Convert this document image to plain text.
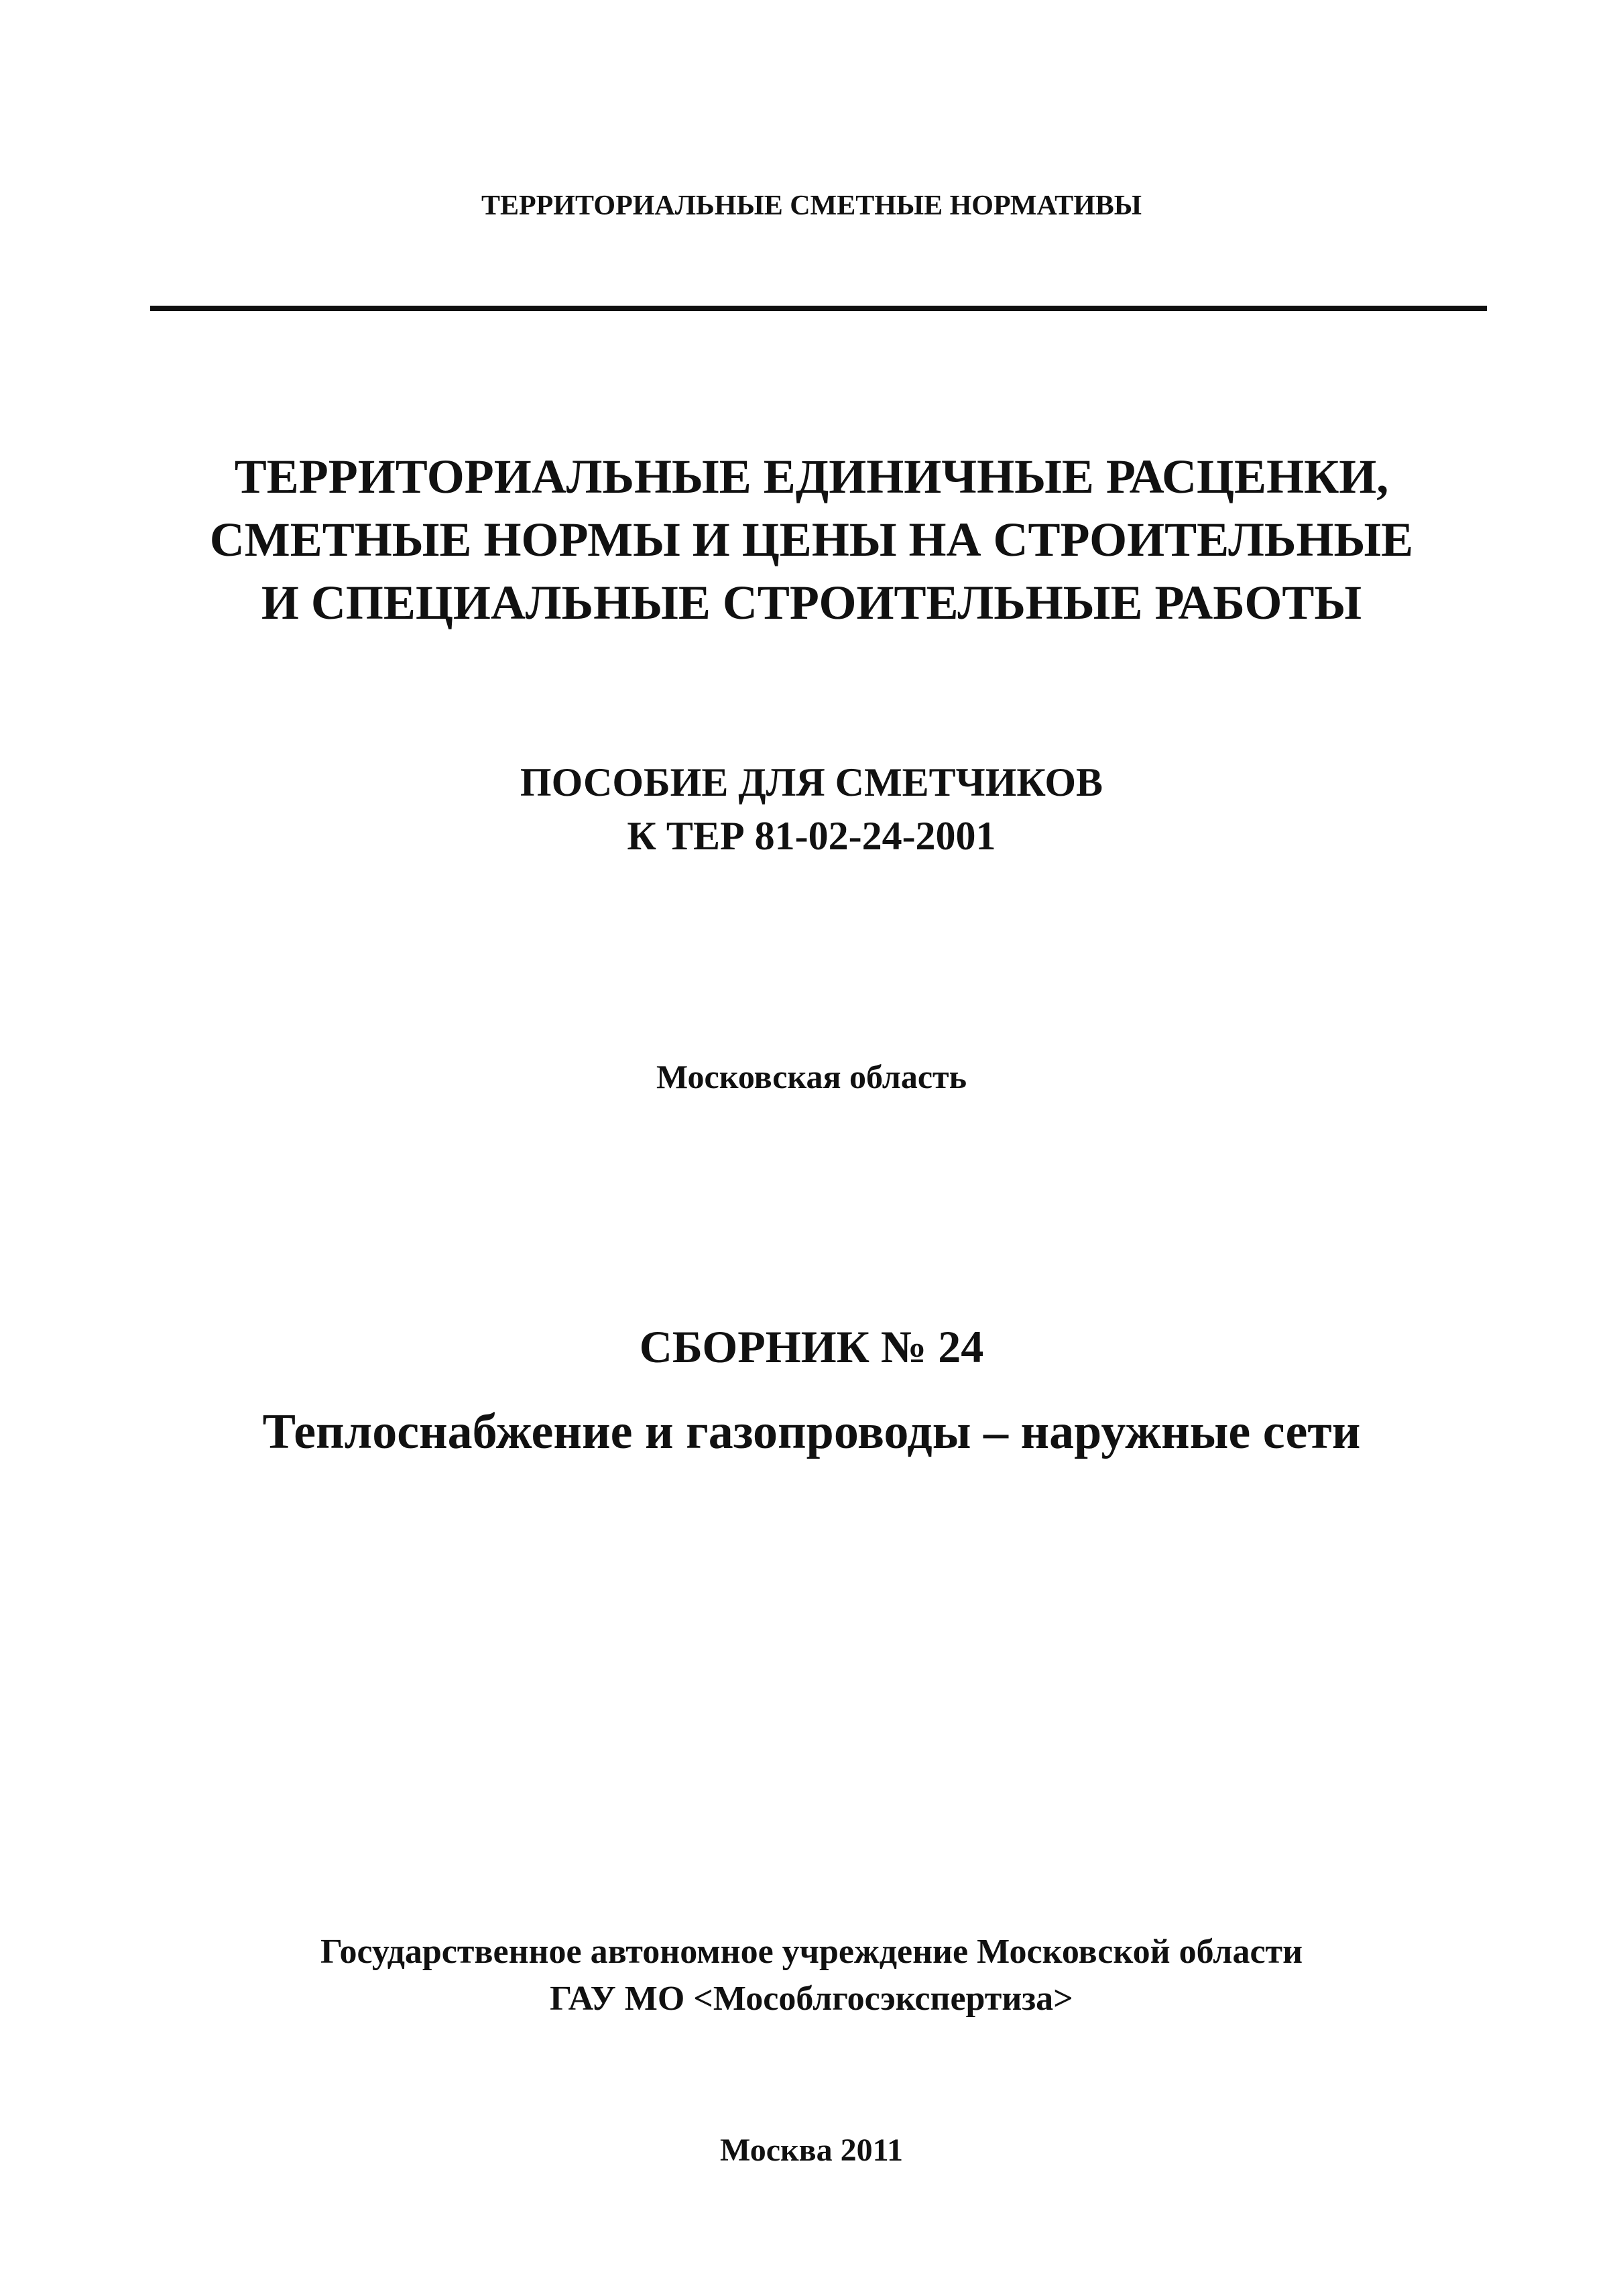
ТЕРРИТОРИАЛЬНЫЕ СМЕТНЫЕ НОРМАТИВЫ
ТЕРРИТОРИАЛЬНЫЕ ЕДИНИЧНЫЕ РАСЦЕНКИ,
СМЕТНЫЕ НОРМЫ И ЦЕНЫ НА СТРОИТЕЛЬНЫЕ
И СПЕЦИАЛЬНЫЕ СТРОИТЕЛЬНЫЕ РАБОТЫ
ПОСОБИЕ ДЛЯ СМЕТЧИКОВ
К ТЕР 81-02-24-2001
Московская область
СБОРНИК № 24
Теплоснабжение и газопроводы – наружные сети
Государственное автономное учреждение Московской области
ГАУ МО <Мособлгосэкспертиза>
Москва 2011
